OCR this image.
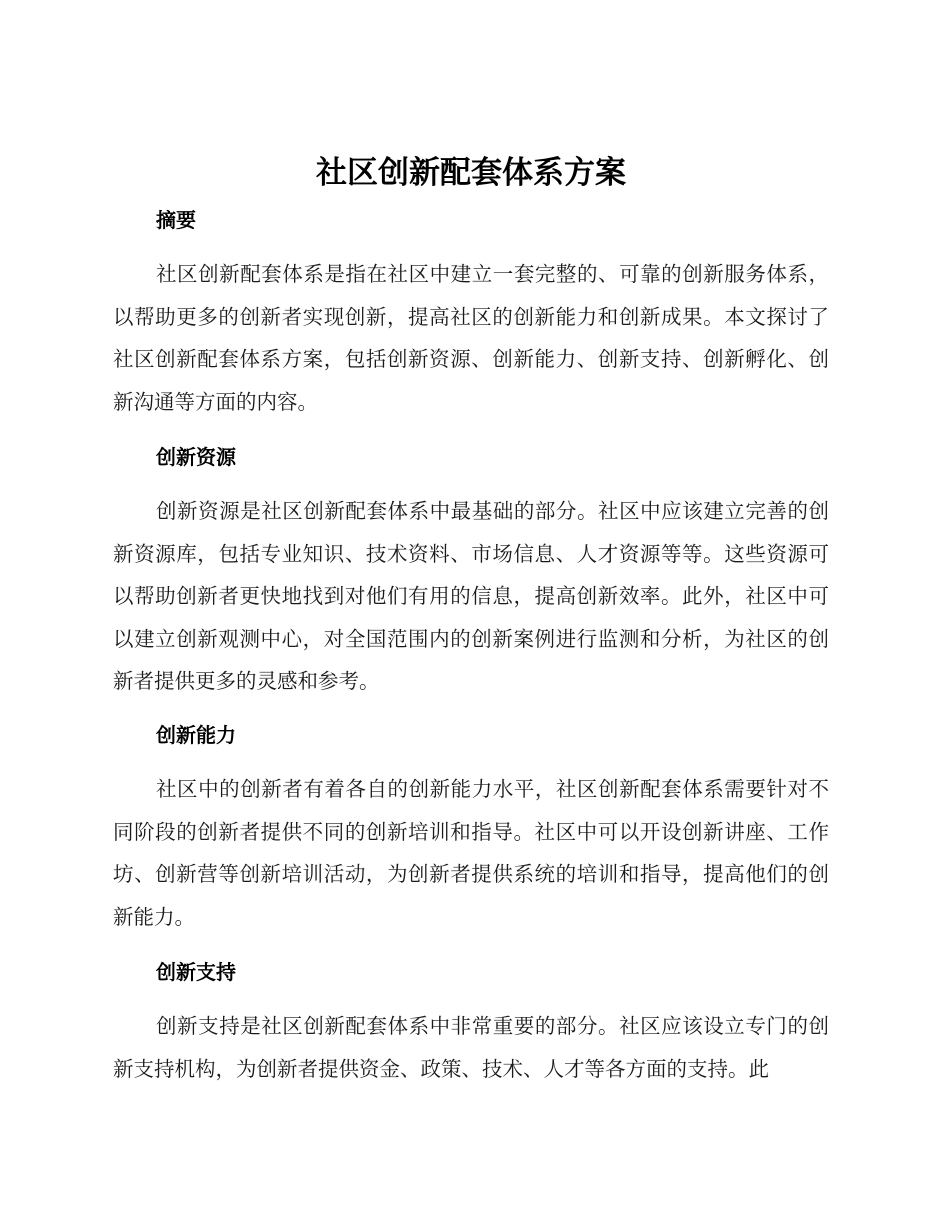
社区创新配套体系方案
摘要

社区创新配套体系是指在社区中建立一套完整的、可靠的创新服务体系，以帮助更多的创新者实现创新，提高社区的创新能力和创新成果。本文探讨了社区创新配套体系方案，包括创新资源、创新能力、创新支持、创新孵化、创新沟通等方面的内容。

创新资源

创新资源是社区创新配套体系中最基础的部分。社区中应该建立完善的创新资源库，包括专业知识、技术资料、市场信息、人才资源等等。这些资源可以帮助创新者更快地找到对他们有用的信息，提高创新效率。此外，社区中可以建立创新观测中心，对全国范围内的创新案例进行监测和分析，为社区的创新者提供更多的灵感和参考。

创新能力

社区中的创新者有着各自的创新能力水平，社区创新配套体系需要针对不同阶段的创新者提供不同的创新培训和指导。社区中可以开设创新讲座、工作坊、创新营等创新培训活动，为创新者提供系统的培训和指导，提高他们的创新能力。

创新支持

创新支持是社区创新配套体系中非常重要的部分。社区应该设立专门的创新支持机构，为创新者提供资金、政策、技术、人才等各方面的支持。此
